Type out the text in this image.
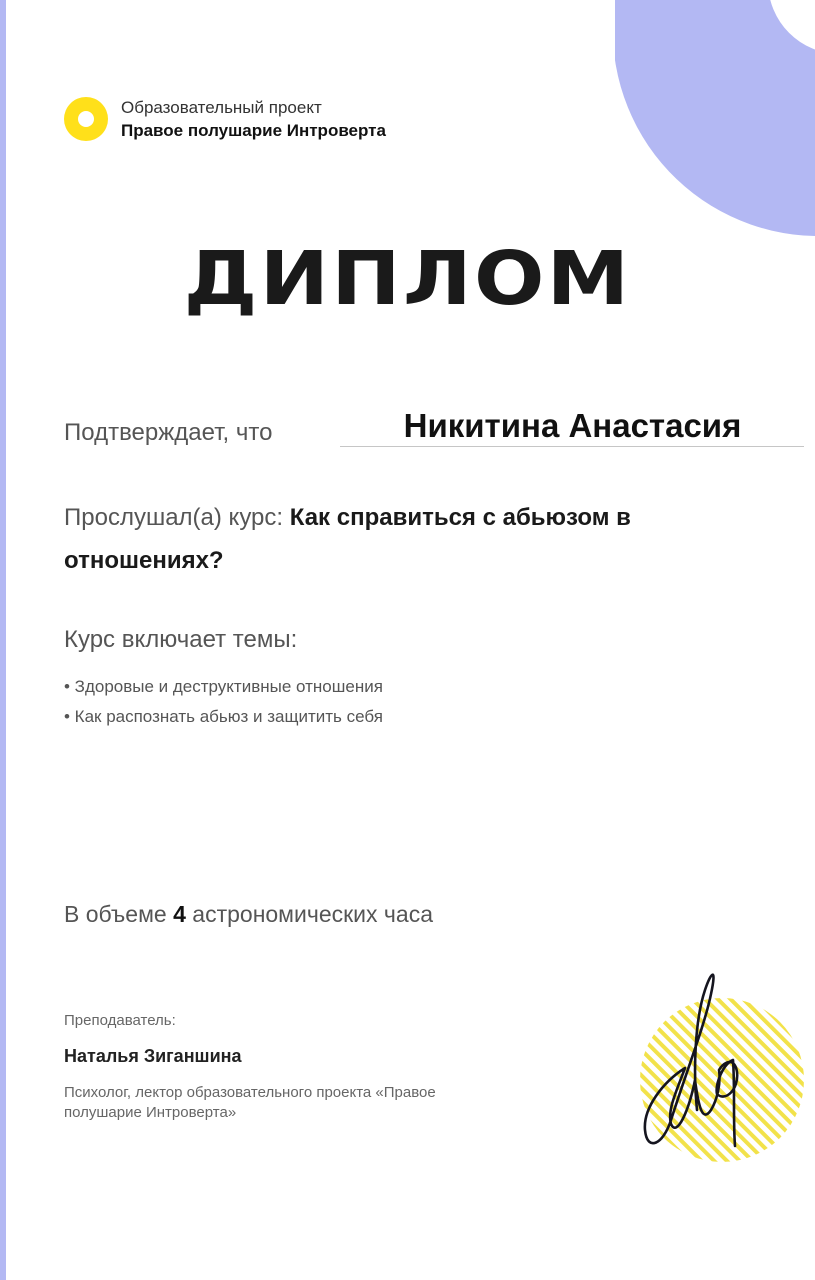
Образовательный проект
Правое полушарие Интроверта
ДИПЛОМ
Подтверждает, что	Никитина Анастасия
Прослушал(а) курс: Как справиться с абьюзом в отношениях?
Курс включает темы:
• Здоровые и деструктивные отношения
• Как распознать абьюз и защитить себя
В объеме 4 астрономических часа
Преподаватель:
Наталья Зиганшина
Психолог, лектор образовательного проекта «Правое полушарие Интроверта»
